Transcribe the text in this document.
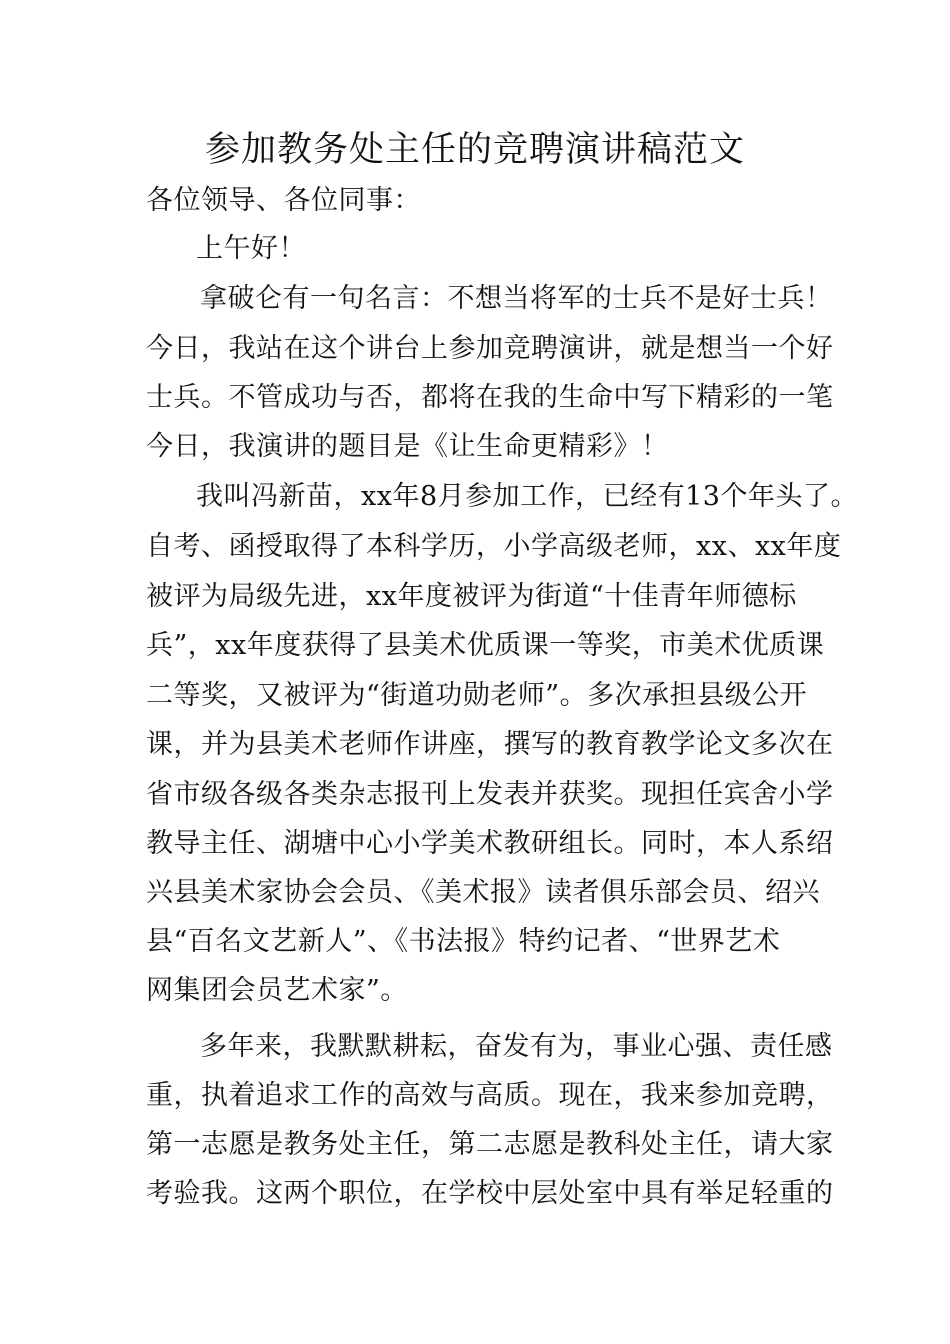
参加教务处主任的竞聘演讲稿范文
各位领导、各位同事：
上午好！
拿破仑有一句名言：不想当将军的士兵不是好士兵！
今日，我站在这个讲台上参加竞聘演讲，就是想当一个好
士兵。不管成功与否，都将在我的生命中写下精彩的一笔
今日，我演讲的题目是《让生命更精彩》！
我叫冯新苗，xx年8月参加工作，已经有13个年头了。
自考、函授取得了本科学历，小学高级老师，xx、xx年度
被评为局级先进，xx年度被评为街道“十佳青年师德标
兵”，xx年度获得了县美术优质课一等奖，市美术优质课
二等奖，又被评为“街道功勋老师”。多次承担县级公开
课，并为县美术老师作讲座，撰写的教育教学论文多次在
省市级各级各类杂志报刊上发表并获奖。现担任宾舍小学
教导主任、湖塘中心小学美术教研组长。同时，本人系绍
兴县美术家协会会员、《美术报》读者俱乐部会员、绍兴
县“百名文艺新人”、《书法报》特约记者、“世界艺术
网集团会员艺术家”。
多年来，我默默耕耘，奋发有为，事业心强、责任感
重，执着追求工作的高效与高质。现在，我来参加竞聘，
第一志愿是教务处主任，第二志愿是教科处主任，请大家
考验我。这两个职位，在学校中层处室中具有举足轻重的
